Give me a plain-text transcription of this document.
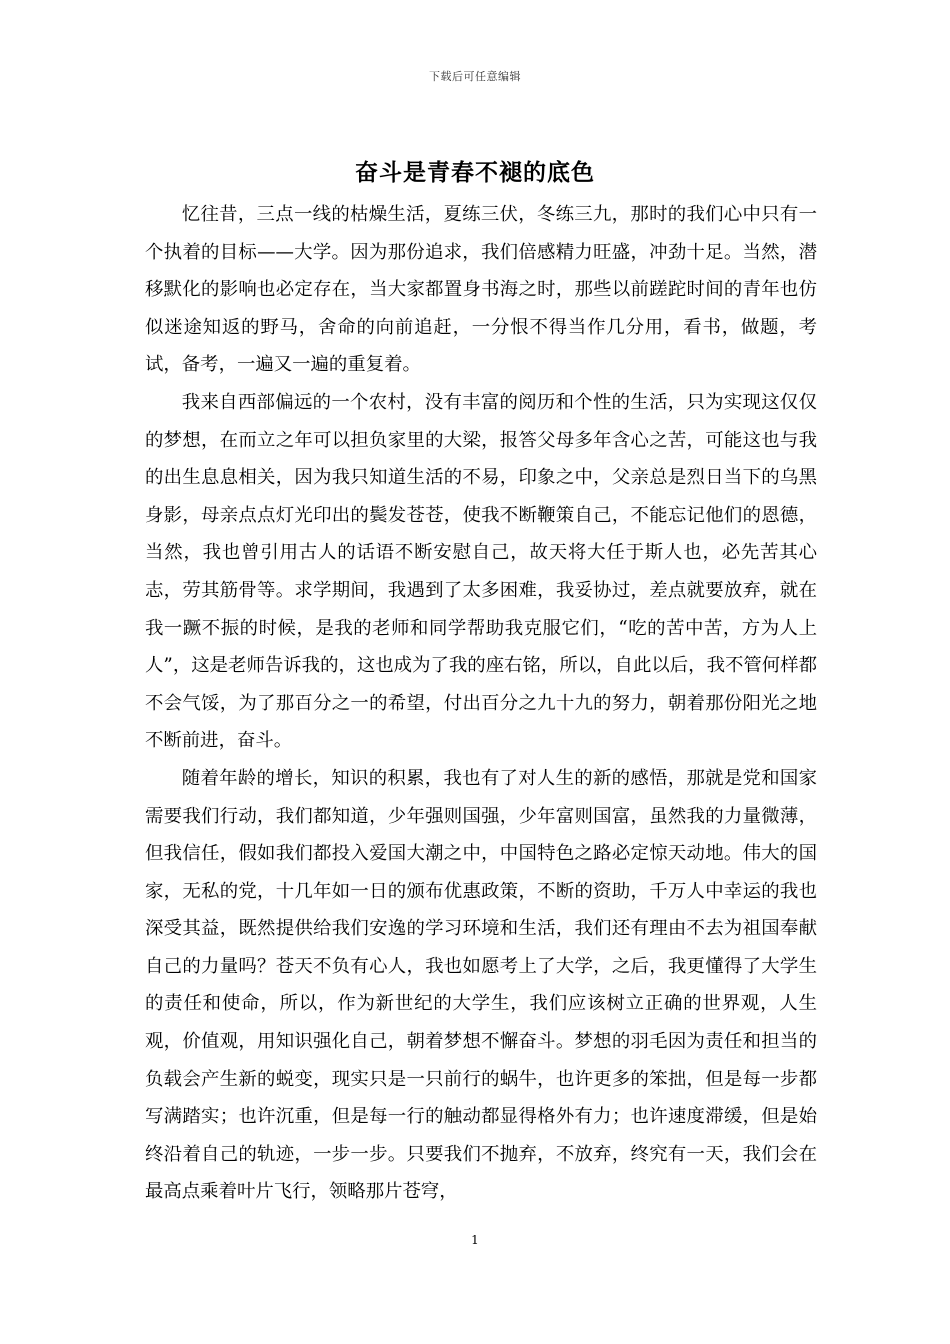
下载后可任意编辑
奋斗是青春不褪的底色

忆往昔，三点一线的枯燥生活，夏练三伏，冬练三九，那时的我们心中只有一个执着的目标——大学。因为那份追求，我们倍感精力旺盛，冲劲十足。当然，潜移默化的影响也必定存在，当大家都置身书海之时，那些以前蹉跎时间的青年也仿似迷途知返的野马，舍命的向前追赶，一分恨不得当作几分用，看书，做题，考试，备考，一遍又一遍的重复着。

我来自西部偏远的一个农村，没有丰富的阅历和个性的生活，只为实现这仅仅的梦想，在而立之年可以担负家里的大梁，报答父母多年含心之苦，可能这也与我的出生息息相关，因为我只知道生活的不易，印象之中，父亲总是烈日当下的乌黑身影，母亲点点灯光印出的鬓发苍苍，使我不断鞭策自己，不能忘记他们的恩德，当然，我也曾引用古人的话语不断安慰自己，故天将大任于斯人也，必先苦其心志，劳其筋骨等。求学期间，我遇到了太多困难，我妥协过，差点就要放弃，就在我一蹶不振的时候，是我的老师和同学帮助我克服它们，“吃的苦中苦，方为人上人”，这是老师告诉我的，这也成为了我的座右铭，所以，自此以后，我不管何样都不会气馁，为了那百分之一的希望，付出百分之九十九的努力，朝着那份阳光之地不断前进，奋斗。

随着年龄的增长，知识的积累，我也有了对人生的新的感悟，那就是党和国家需要我们行动，我们都知道，少年强则国强，少年富则国富，虽然我的力量微薄，但我信任，假如我们都投入爱国大潮之中，中国特色之路必定惊天动地。伟大的国家，无私的党，十几年如一日的颁布优惠政策，不断的资助，千万人中幸运的我也深受其益，既然提供给我们安逸的学习环境和生活，我们还有理由不去为祖国奉献自己的力量吗？苍天不负有心人，我也如愿考上了大学，之后，我更懂得了大学生的责任和使命，所以，作为新世纪的大学生，我们应该树立正确的世界观，人生观，价值观，用知识强化自己，朝着梦想不懈奋斗。梦想的羽毛因为责任和担当的负载会产生新的蜕变，现实只是一只前行的蜗牛，也许更多的笨拙，但是每一步都写满踏实；也许沉重，但是每一行的触动都显得格外有力；也许速度滞缓，但是始终沿着自己的轨迹，一步一步。只要我们不抛弃，不放弃，终究有一天，我们会在最高点乘着叶片飞行，领略那片苍穹，

1
